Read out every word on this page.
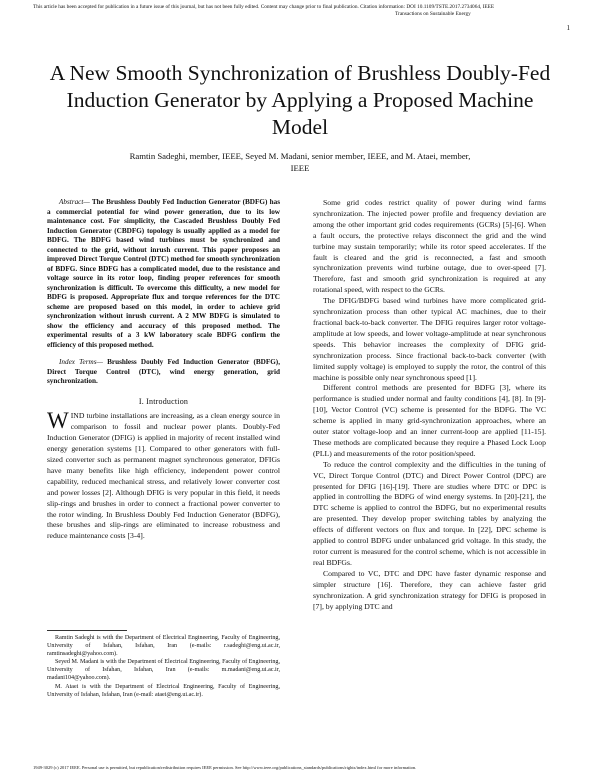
This article has been accepted for publication in a future issue of this journal, but has not been fully edited. Content may change prior to final publication. Citation information: DOI 10.1109/TSTE.2017.2734064, IEEE
Transactions on Sustainable Energy
1
A New Smooth Synchronization of Brushless Doubly-Fed Induction Generator by Applying a Proposed Machine Model
Ramtin Sadeghi, member, IEEE, Seyed M. Madani, senior member, IEEE, and M. Ataei, member,
IEEE

Abstract— The Brushless Doubly Fed Induction Generator (BDFG) has a commercial potential for wind power generation, due to its low maintenance cost. For simplicity, the Cascaded Brushless Doubly Fed Induction Generator (CBDFG) topology is usually applied as a model for BDFG. The BDFG based wind turbines must be synchronized and connected to the grid, without inrush current. This paper proposes an improved Direct Torque Control (DTC) method for smooth synchronization of BDFG. Since BDFG has a complicated model, due to the resistance and voltage source in its rotor loop, finding proper references for smooth synchronization is difficult. To overcome this difficulty, a new model for BDFG is proposed. Appropriate flux and torque references for the DTC scheme are proposed based on this model, in order to achieve grid synchronization without inrush current. A 2 MW BDFG is simulated to show the efficiency and accuracy of this proposed method. The experimental results of a 3 kW laboratory scale BDFG confirm the efficiency of this proposed method.

Index Terms— Brushless Doubly Fed Induction Generator (BDFG), Direct Torque Control (DTC), wind energy generation, grid synchronization.

I. Introduction

WIND turbine installations are increasing, as a clean energy source in comparison to fossil and nuclear power plants. Doubly-Fed Induction Generator (DFIG) is applied in majority of recent installed wind energy generation systems [1]. Compared to other generators with full-sized converter such as permanent magnet synchronous generator, DFIGs have many benefits like high efficiency, independent power control capability, reduced mechanical stress, and relatively lower converter cost and power losses [2]. Although DFIG is very popular in this field, it needs slip-rings and brushes in order to connect a fractional power converter to the rotor winding. In Brushless Doubly Fed Induction Generator (BDFG), these brushes and slip-rings are eliminated to increase robustness and reduce maintenance costs [3-4].

Ramtin Sadeghi is with the Department of Electrical Engineering, Faculty of Engineering, University of Isfahan, Isfahan, Iran (e-mails: r.sadeghi@eng.ui.ac.ir, ramtinsadeghi@yahoo.com).

Seyed M. Madani is with the Department of Electrical Engineering, Faculty of Engineering, University of Isfahan, Isfahan, Iran (e-mails: m.madani@eng.ui.ac.ir, madani104@yahoo.com).

M. Ataei is with the Department of Electrical Engineering, Faculty of Engineering, University of Isfahan, Isfahan, Iran (e-mail: ataei@eng.ui.ac.ir).

Some grid codes restrict quality of power during wind farms synchronization. The injected power profile and frequency deviation are among the other important grid codes requirements (GCRs) [5]-[6]. When a fault occurs, the protective relays disconnect the grid and the wind turbine may sustain temporarily; while its rotor speed accelerates. If the fault is cleared and the grid is reconnected, a fast and smooth synchronization prevents wind turbine outage, due to over-speed [7]. Therefore, fast and smooth grid synchronization is required at any rotational speed, with respect to the GCRs.

The DFIG/BDFG based wind turbines have more complicated grid-synchronization process than other typical AC machines, due to their fractional back-to-back converter. The DFIG requires larger rotor voltage-amplitude at low speeds, and lower voltage-amplitude at near synchronous speeds. This behavior increases the complexity of DFIG grid-synchronization process. Since fractional back-to-back converter (with limited supply voltage) is employed to supply the rotor, the control of this machine is possible only near synchronous speed [1].

Different control methods are presented for BDFG [3], where its performance is studied under normal and faulty conditions [4], [8]. In [9]-[10], Vector Control (VC) scheme is presented for the BDFG. The VC scheme is applied in many grid-synchronization approaches, where an outer stator voltage-loop and an inner current-loop are applied [11-15]. These methods are complicated because they require a Phased Lock Loop (PLL) and measurements of the rotor position/speed.

To reduce the control complexity and the difficulties in the tuning of VC, Direct Torque Control (DTC) and Direct Power Control (DPC) are presented for DFIG [16]-[19]. There are studies where DTC or DPC is applied in controlling the BDFG of wind energy systems. In [20]-[21], the DTC scheme is applied to control the BDFG, but no experimental results are presented. They develop proper switching tables by analyzing the effects of different vectors on flux and torque. In [22], DPC scheme is applied to control BDFG under unbalanced grid voltage. In this study, the rotor current is measured for the control scheme, which is not accessible in real BDFGs.

Compared to VC, DTC and DPC have faster dynamic response and simpler structure [16]. Therefore, they can achieve faster grid synchronization. A grid synchronization strategy for DFIG is proposed in [7], by applying DTC and

1949-3029 (c) 2017 IEEE. Personal use is permitted, but republication/redistribution requires IEEE permission. See http://www.ieee.org/publications_standards/publications/rights/index.html for more information.
